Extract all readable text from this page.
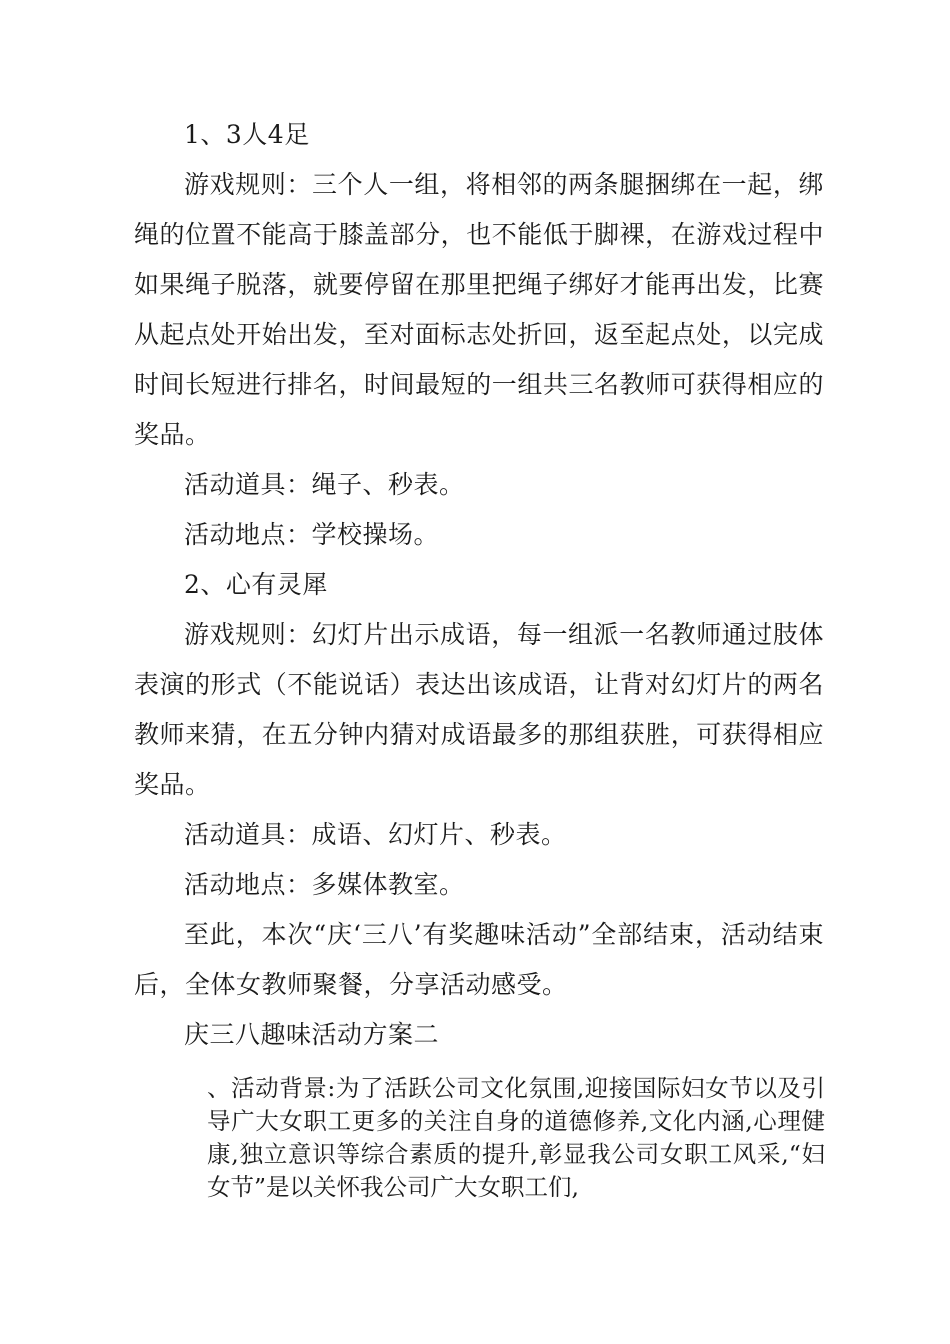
1、3人4足

游戏规则：三个人一组，将相邻的两条腿捆绑在一起，绑绳的位置不能高于膝盖部分，也不能低于脚裸，在游戏过程中如果绳子脱落，就要停留在那里把绳子绑好才能再出发，比赛从起点处开始出发，至对面标志处折回，返至起点处，以完成时间长短进行排名，时间最短的一组共三名教师可获得相应的奖品。

活动道具：绳子、秒表。

活动地点：学校操场。

2、心有灵犀

游戏规则：幻灯片出示成语，每一组派一名教师通过肢体表演的形式（不能说话）表达出该成语，让背对幻灯片的两名教师来猜，在五分钟内猜对成语最多的那组获胜，可获得相应奖品。

活动道具：成语、幻灯片、秒表。

活动地点：多媒体教室。

至此，本次“庆‘三八’有奖趣味活动”全部结束，活动结束后，全体女教师聚餐，分享活动感受。

庆三八趣味活动方案二

、活动背景:为了活跃公司文化氛围,迎接国际妇女节以及引导广大女职工更多的关注自身的道德修养,文化内涵,心理健康,独立意识等综合素质的提升,彰显我公司女职工风采,“妇女节”是以关怀我公司广大女职工们,
